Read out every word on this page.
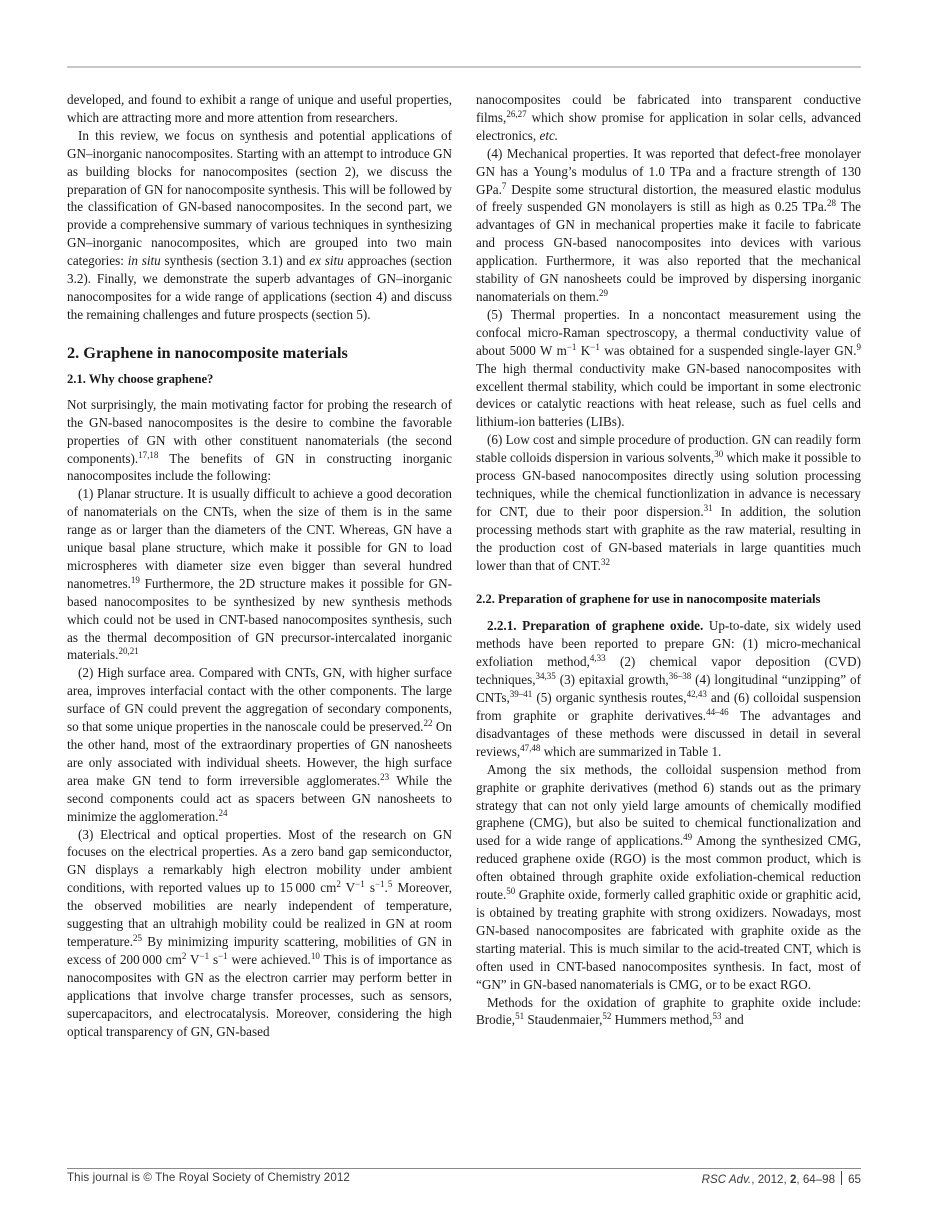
developed, and found to exhibit a range of unique and useful properties, which are attracting more and more attention from researchers.

In this review, we focus on synthesis and potential applications of GN–inorganic nanocomposites. Starting with an attempt to introduce GN as building blocks for nanocomposites (section 2), we discuss the preparation of GN for nanocomposite synthesis. This will be followed by the classification of GN-based nanocomposites. In the second part, we provide a comprehensive summary of various techniques in synthesizing GN–inorganic nanocomposites, which are grouped into two main categories: in situ synthesis (section 3.1) and ex situ approaches (section 3.2). Finally, we demonstrate the superb advantages of GN–inorganic nanocomposites for a wide range of applications (section 4) and discuss the remaining challenges and future prospects (section 5).

2. Graphene in nanocomposite materials
2.1. Why choose graphene?

Not surprisingly, the main motivating factor for probing the research of the GN-based nanocomposites is the desire to combine the favorable properties of GN with other constituent nanomaterials (the second components).$^{17,18}$ The benefits of GN in constructing inorganic nanocomposites include the following:

(1) Planar structure. It is usually difficult to achieve a good decoration of nanomaterials on the CNTs, when the size of them is in the same range as or larger than the diameters of the CNT. Whereas, GN have a unique basal plane structure, which make it possible for GN to load microspheres with diameter size even bigger than several hundred nanometres.$^{19}$ Furthermore, the 2D structure makes it possible for GN-based nanocomposites to be synthesized by new synthesis methods which could not be used in CNT-based nanocomposites synthesis, such as the thermal decomposition of GN precursor-intercalated inorganic materials.$^{20,21}$

(2) High surface area. Compared with CNTs, GN, with higher surface area, improves interfacial contact with the other components. The large surface of GN could prevent the aggregation of secondary components, so that some unique properties in the nanoscale could be preserved.$^{22}$ On the other hand, most of the extraordinary properties of GN nanosheets are only associated with individual sheets. However, the high surface area make GN tend to form irreversible agglomerates.$^{23}$ While the second components could act as spacers between GN nanosheets to minimize the agglomeration.$^{24}$

(3) Electrical and optical properties. Most of the research on GN focuses on the electrical properties. As a zero band gap semiconductor, GN displays a remarkably high electron mobility under ambient conditions, with reported values up to 15 000 $cm^2$ $V^{-1}$ $s^{-1}.^5$ Moreover, the observed mobilities are nearly independent of temperature, suggesting that an ultrahigh mobility could be realized in GN at room temperature.$^{25}$ By minimizing impurity scattering, mobilities of GN in excess of 200 000 $cm^2$ $V^{-1}$ $s^{-1}$ were achieved.$^{10}$ This is of importance as nanocomposites with GN as the electron carrier may perform better in applications that involve charge transfer processes, such as sensors, supercapacitors, and electrocatalysis. Moreover, considering the high optical transparency of GN, GN-based

nanocomposites could be fabricated into transparent conductive films,$^{26,27}$ which show promise for application in solar cells, advanced electronics, etc.

(4) Mechanical properties. It was reported that defect-free monolayer GN has a Young’s modulus of 1.0 TPa and a fracture strength of 130 GPa.$^7$ Despite some structural distortion, the measured elastic modulus of freely suspended GN monolayers is still as high as 0.25 TPa.$^{28}$ The advantages of GN in mechanical properties make it facile to fabricate and process GN-based nanocomposites into devices with various application. Furthermore, it was also reported that the mechanical stability of GN nanosheets could be improved by dispersing inorganic nanomaterials on them.$^{29}$

(5) Thermal properties. In a noncontact measurement using the confocal micro-Raman spectroscopy, a thermal conductivity value of about 5000 W $m^{-1}$ $K^{-1}$ was obtained for a suspended single-layer GN.$^9$ The high thermal conductivity make GN-based nanocomposites with excellent thermal stability, which could be important in some electronic devices or catalytic reactions with heat release, such as fuel cells and lithium-ion batteries (LIBs).

(6) Low cost and simple procedure of production. GN can readily form stable colloids dispersion in various solvents,$^{30}$ which make it possible to process GN-based nanocomposites directly using solution processing techniques, while the chemical functionlization in advance is necessary for CNT, due to their poor dispersion.$^{31}$ In addition, the solution processing methods start with graphite as the raw material, resulting in the production cost of GN-based materials in large quantities much lower than that of CNT.$^{32}$

2.2. Preparation of graphene for use in nanocomposite materials

2.2.1. Preparation of graphene oxide. Up-to-date, six widely used methods have been reported to prepare GN: (1) micro-mechanical exfoliation method,$^{4,33}$ (2) chemical vapor deposition (CVD) techniques,$^{34,35}$ (3) epitaxial growth,$^{36-38}$ (4) longitudinal “unzipping” of CNTs,$^{39-41}$ (5) organic synthesis routes,$^{42,43}$ and (6) colloidal suspension from graphite or graphite derivatives.$^{44-46}$ The advantages and disadvantages of these methods were discussed in detail in several reviews,$^{47,48}$ which are summarized in Table 1.

Among the six methods, the colloidal suspension method from graphite or graphite derivatives (method 6) stands out as the primary strategy that can not only yield large amounts of chemically modified graphene (CMG), but also be suited to chemical functionalization and used for a wide range of applications.$^{49}$ Among the synthesized CMG, reduced graphene oxide (RGO) is the most common product, which is often obtained through graphite oxide exfoliation-chemical reduction route.$^{50}$ Graphite oxide, formerly called graphitic oxide or graphitic acid, is obtained by treating graphite with strong oxidizers. Nowadays, most GN-based nanocomposites are fabricated with graphite oxide as the starting material. This is much similar to the acid-treated CNT, which is often used in CNT-based nanocomposites synthesis. In fact, most of “GN” in GN-based nanomaterials is CMG, or to be exact RGO.

Methods for the oxidation of graphite to graphite oxide include: Brodie,$^{51}$ Staudenmaier,$^{52}$ Hummers method,$^{53}$ and

This journal is © The Royal Society of Chemistry 2012	RSC Adv., 2012, 2, 64–98 65
